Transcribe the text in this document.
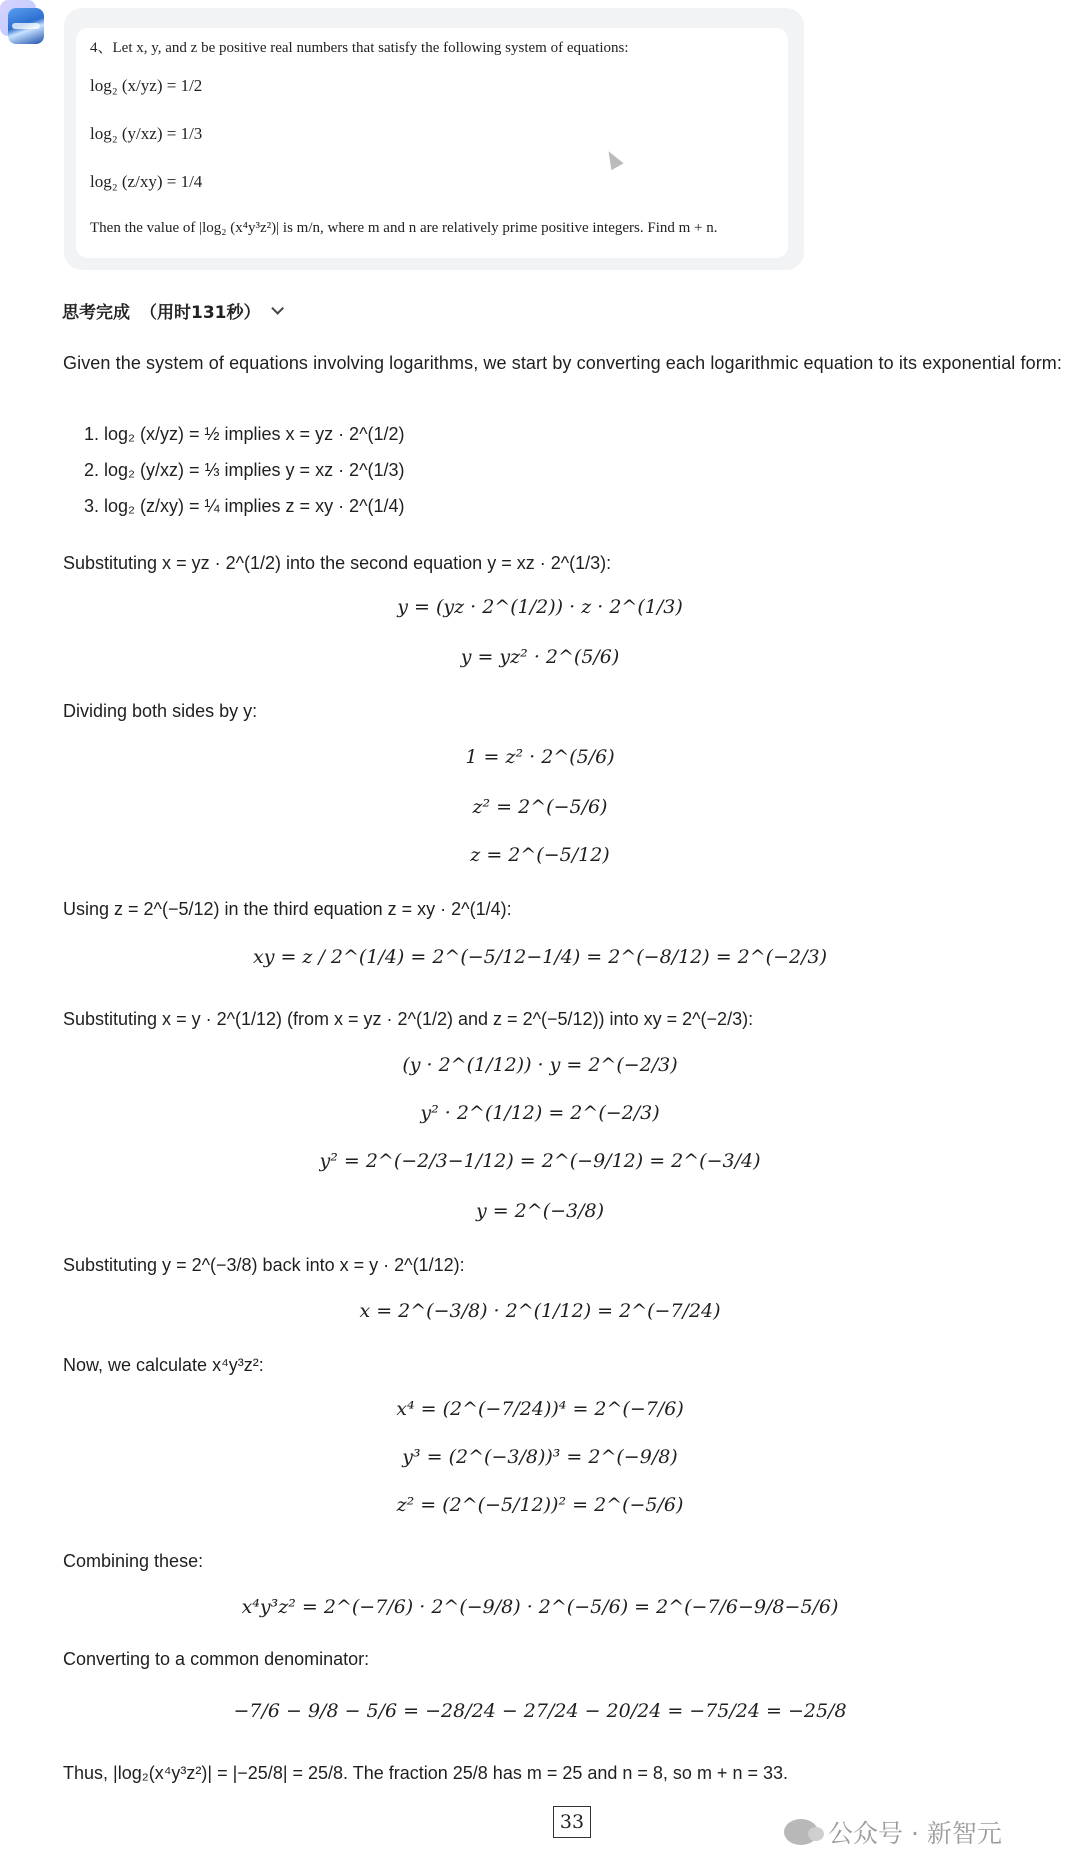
4、Let x, y, and z be positive real numbers that satisfy the following system of equations:
log₂ (x/yz) = 1/2
log₂ (y/xz) = 1/3
log₂ (z/xy) = 1/4
Then the value of |log₂ (x⁴y³z²)| is m/n, where m and n are relatively prime positive integers. Find m + n.
思考完成 （用时131秒）
Given the system of equations involving logarithms, we start by converting each logarithmic equation to its exponential form:
1. log₂ (x/yz) = ½ implies x = yz · 2^(1/2)
2. log₂ (y/xz) = ⅓ implies y = xz · 2^(1/3)
3. log₂ (z/xy) = ¼ implies z = xy · 2^(1/4)
Substituting x = yz · 2^(1/2) into the second equation y = xz · 2^(1/3):
y = (yz · 2^(1/2)) · z · 2^(1/3)
y = yz² · 2^(5/6)
Dividing both sides by y:
1 = z² · 2^(5/6)
z² = 2^(−5/6)
z = 2^(−5/12)
Using z = 2^(−5/12) in the third equation z = xy · 2^(1/4):
xy = z / 2^(1/4) = 2^(−5/12−1/4) = 2^(−8/12) = 2^(−2/3)
Substituting x = y · 2^(1/12) (from x = yz · 2^(1/2) and z = 2^(−5/12)) into xy = 2^(−2/3):
(y · 2^(1/12)) · y = 2^(−2/3)
y² · 2^(1/12) = 2^(−2/3)
y² = 2^(−2/3−1/12) = 2^(−9/12) = 2^(−3/4)
y = 2^(−3/8)
Substituting y = 2^(−3/8) back into x = y · 2^(1/12):
x = 2^(−3/8) · 2^(1/12) = 2^(−7/24)
Now, we calculate x⁴y³z²:
x⁴ = (2^(−7/24))⁴ = 2^(−7/6)
y³ = (2^(−3/8))³ = 2^(−9/8)
z² = (2^(−5/12))² = 2^(−5/6)
Combining these:
x⁴y³z² = 2^(−7/6) · 2^(−9/8) · 2^(−5/6) = 2^(−7/6−9/8−5/6)
Converting to a common denominator:
−7/6 − 9/8 − 5/6 = −28/24 − 27/24 − 20/24 = −75/24 = −25/8
Thus, |log₂(x⁴y³z²)| = |−25/8| = 25/8. The fraction 25/8 has m = 25 and n = 8, so m + n = 33.
33	公众号 · 新智元
